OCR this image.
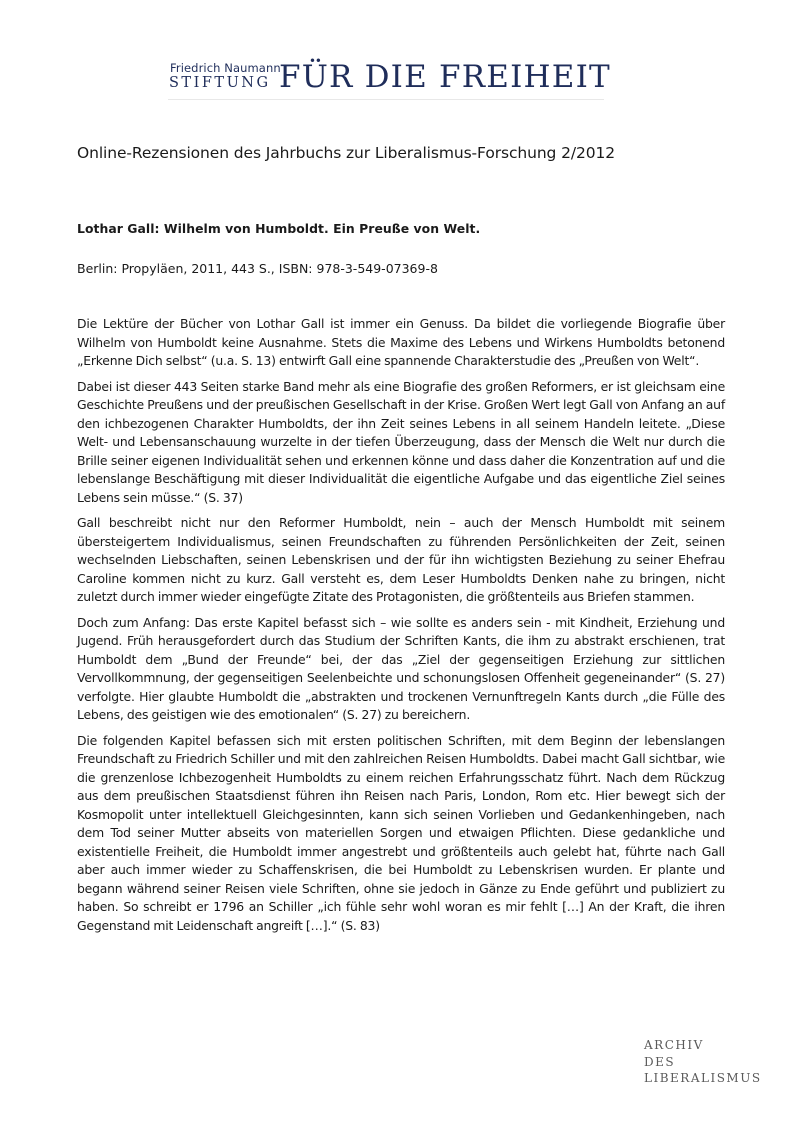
Friedrich Naumann
STIFTUNG FÜR DIE FREIHEIT
Online-Rezensionen des Jahrbuchs zur Liberalismus-Forschung 2/2012
Lothar Gall: Wilhelm von Humboldt. Ein Preuße von Welt.
Berlin: Propyläen, 2011, 443 S., ISBN: 978-3-549-07369-8

Die Lektüre der Bücher von Lothar Gall ist immer ein Genuss. Da bildet die vorliegende Biografie über Wilhelm von Humboldt keine Ausnahme. Stets die Maxime des Lebens und Wirkens Humboldts betonend „Erkenne Dich selbst“ (u.a. S. 13) entwirft Gall eine spannende Charakterstudie des „Preußen von Welt“.

Dabei ist dieser 443 Seiten starke Band mehr als eine Biografie des großen Reformers, er ist gleichsam eine Geschichte Preußens und der preußischen Gesellschaft in der Krise. Großen Wert legt Gall von Anfang an auf den ichbezogenen Charakter Humboldts, der ihn Zeit seines Lebens in all seinem Handeln leitete. „Diese Welt- und Lebensanschauung wurzelte in der tiefen Überzeugung, dass der Mensch die Welt nur durch die Brille seiner eigenen Individualität sehen und erkennen könne und dass daher die Konzentration auf und die lebenslange Beschäftigung mit dieser Individualität die eigentliche Aufgabe und das eigentliche Ziel seines Lebens sein müsse.“ (S. 37)

Gall beschreibt nicht nur den Reformer Humboldt, nein – auch der Mensch Humboldt mit seinem übersteigertem Individualismus, seinen Freundschaften zu führenden Persönlichkeiten der Zeit, seinen wechselnden Liebschaften, seinen Lebenskrisen und der für ihn wichtigsten Beziehung zu seiner Ehefrau Caroline kommen nicht zu kurz. Gall versteht es, dem Leser Humboldts Denken nahe zu bringen, nicht zuletzt durch immer wieder eingefügte Zitate des Protagonisten, die größtenteils aus Briefen stammen.

Doch zum Anfang: Das erste Kapitel befasst sich – wie sollte es anders sein - mit Kindheit, Erziehung und Jugend. Früh herausgefordert durch das Studium der Schriften Kants, die ihm zu abstrakt erschienen, trat Humboldt dem „Bund der Freunde“ bei, der das „Ziel der gegenseitigen Erziehung zur sittlichen Vervollkommnung, der gegenseitigen Seelenbeichte und schonungslosen Offenheit gegeneinander“ (S. 27) verfolgte. Hier glaubte Humboldt die „abstrakten und trockenen Vernunftregeln Kants durch „die Fülle des Lebens, des geistigen wie des emotionalen“ (S. 27) zu bereichern.

Die folgenden Kapitel befassen sich mit ersten politischen Schriften, mit dem Beginn der lebenslangen Freundschaft zu Friedrich Schiller und mit den zahlreichen Reisen Humboldts. Dabei macht Gall sichtbar, wie die grenzenlose Ichbezogenheit Humboldts zu einem reichen Erfahrungsschatz führt. Nach dem Rückzug aus dem preußischen Staatsdienst führen ihn Reisen nach Paris, London, Rom etc. Hier bewegt sich der Kosmopolit unter intellektuell Gleichgesinnten, kann sich seinen Vorlieben und Gedankenhingeben, nach dem Tod seiner Mutter abseits von materiellen Sorgen und etwaigen Pflichten. Diese gedankliche und existentielle Freiheit, die Humboldt immer angestrebt und größtenteils auch gelebt hat, führte nach Gall aber auch immer wieder zu Schaffenskrisen, die bei Humboldt zu Lebenskrisen wurden. Er plante und begann während seiner Reisen viele Schriften, ohne sie jedoch in Gänze zu Ende geführt und publiziert zu haben. So schreibt er 1796 an Schiller „ich fühle sehr wohl woran es mir fehlt […] An der Kraft, die ihren Gegenstand mit Leidenschaft angreift […].“ (S. 83)

ARCHIV
DES
LIBERALISMUS
